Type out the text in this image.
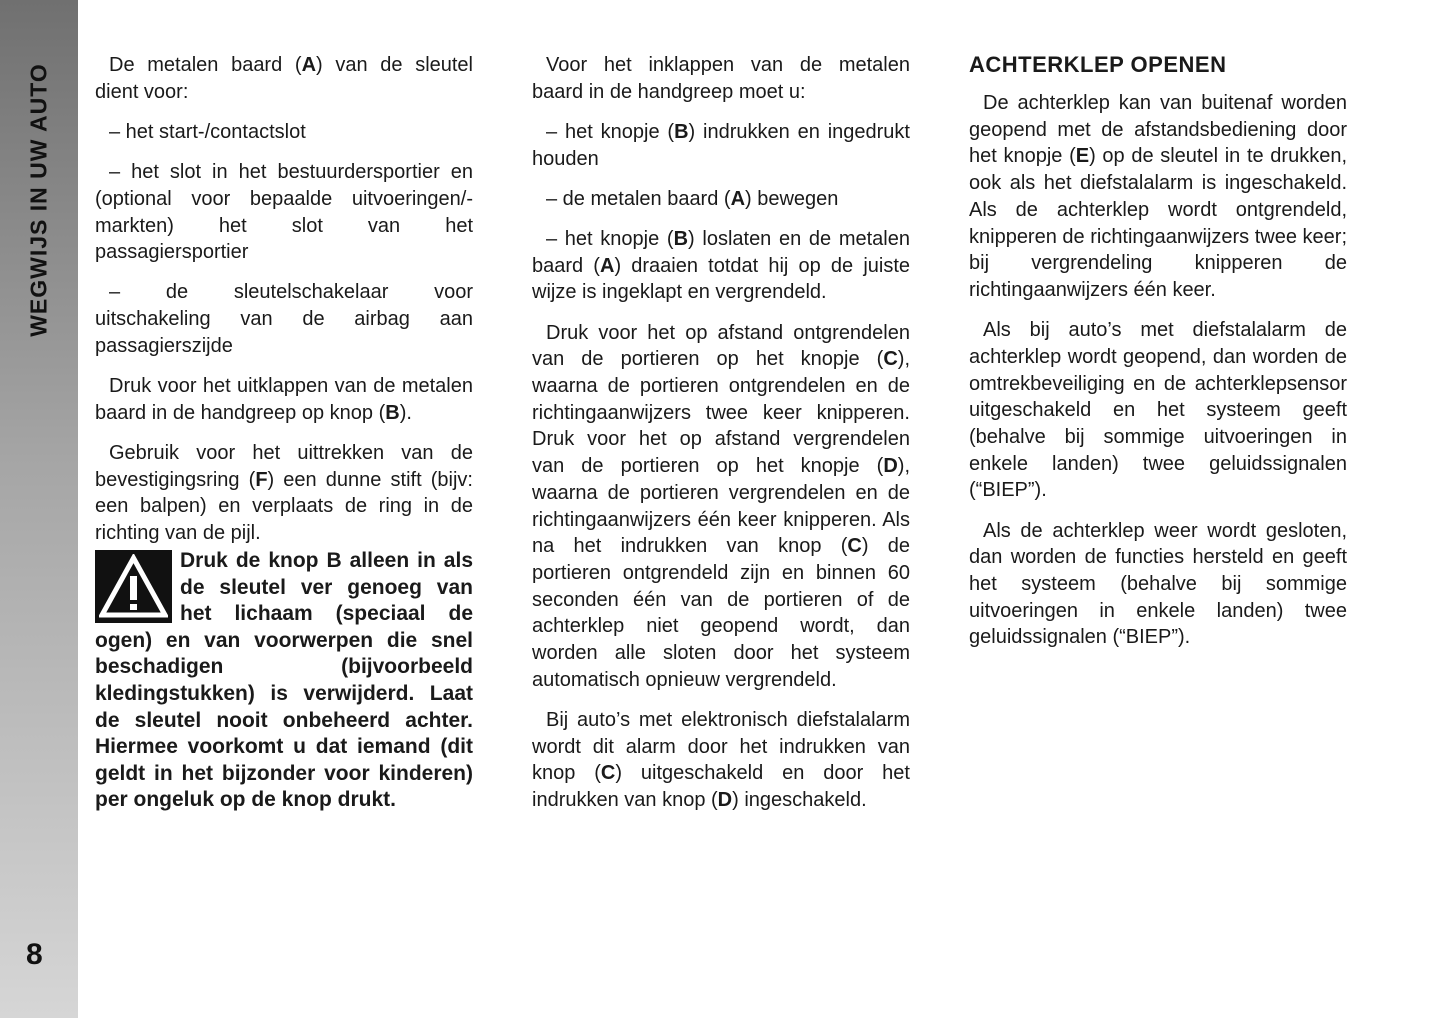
WEGWIJS IN UW AUTO
8

De metalen baard (A) van de sleutel dient voor:

– het start-/contactslot

– het slot in het bestuurdersportier en (optional voor bepaalde uitvoeringen/-markten) het slot van het passagiersportier

– de sleutelschakelaar voor uitschakeling van de airbag aan passagierszijde

Druk voor het uitklappen van de metalen baard in de handgreep op knop (B).

Gebruik voor het uittrekken van de bevestigingsring (F) een dunne stift (bijv: een balpen) en verplaats de ring in de richting van de pijl.

Druk de knop B alleen in als de sleutel ver genoeg van het lichaam (speciaal de ogen) en van voorwerpen die snel beschadigen (bijvoorbeeld kledingstukken) is verwijderd. Laat de sleutel nooit onbeheerd achter. Hiermee voorkomt u dat iemand (dit geldt in het bijzonder voor kinderen) per ongeluk op de knop drukt.

Voor het inklappen van de metalen baard in de handgreep moet u:

– het knopje (B) indrukken en ingedrukt houden

– de metalen baard (A) bewegen

– het knopje (B) loslaten en de metalen baard (A) draaien totdat hij op de juiste wijze is ingeklapt en vergrendeld.

Druk voor het op afstand ontgrendelen van de portieren op het knopje (C), waarna de portieren ontgrendelen en de richtingaanwijzers twee keer knipperen. Druk voor het op afstand vergrendelen van de portieren op het knopje (D), waarna de portieren vergrendelen en de richtingaanwijzers één keer knipperen. Als na het indrukken van knop (C) de portieren ontgrendeld zijn en binnen 60 seconden één van de portieren of de achterklep niet geopend wordt, dan worden alle sloten door het systeem automatisch opnieuw vergrendeld.

Bij auto’s met elektronisch diefstalalarm wordt dit alarm door het indrukken van knop (C) uitgeschakeld en door het indrukken van knop (D) ingeschakeld.

ACHTERKLEP OPENEN

De achterklep kan van buitenaf worden geopend met de afstandsbediening door het knopje (E) op de sleutel in te drukken, ook als het diefstalalarm is ingeschakeld. Als de achterklep wordt ontgrendeld, knipperen de richtingaanwijzers twee keer; bij vergrendeling knipperen de richtingaanwijzers één keer.

Als bij auto’s met diefstalalarm de achterklep wordt geopend, dan worden de omtrekbeveiliging en de achterklepsensor uitgeschakeld en het systeem geeft (behalve bij sommige uitvoeringen in enkele landen) twee geluidssignalen (“BIEP”).

Als de achterklep weer wordt gesloten, dan worden de functies hersteld en geeft het systeem (behalve bij sommige uitvoeringen in enkele landen) twee geluidssignalen (“BIEP”).
